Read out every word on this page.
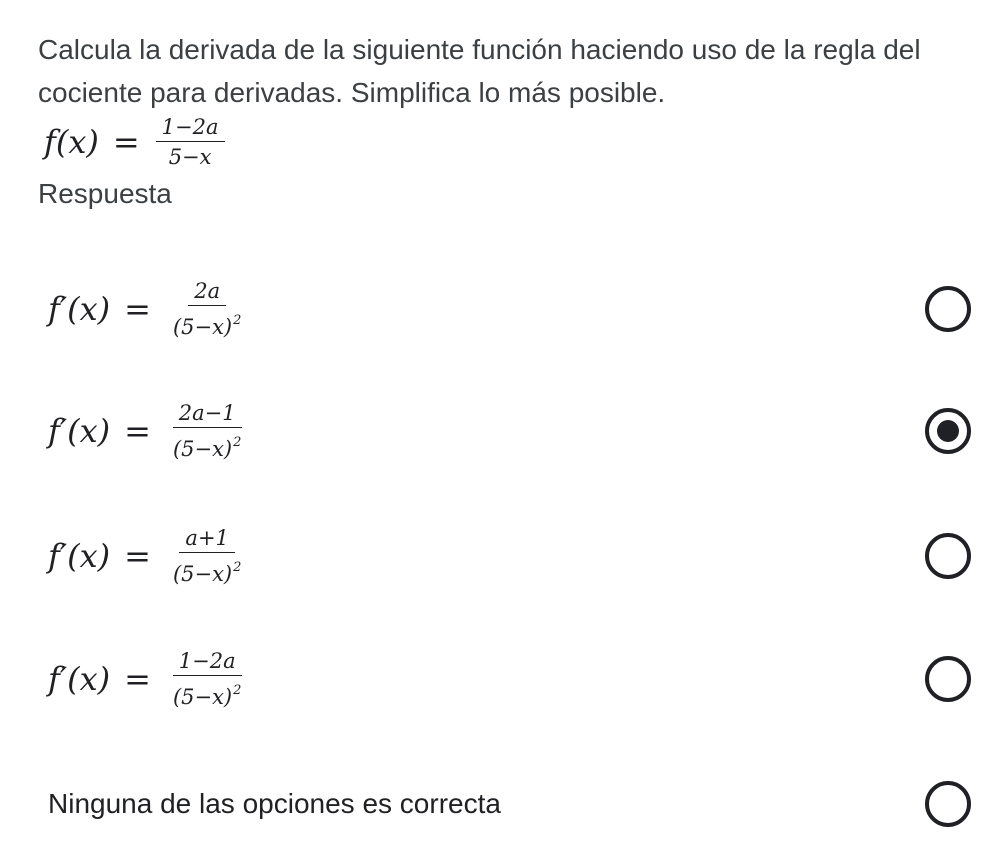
Calcula la derivada de la siguiente función haciendo uso de la regla del cociente para derivadas. Simplifica lo más posible.
$f(x) = \frac{1-2a}{5-x}$
Respuesta
$f'(x) = \frac{2a}{(5-x)^2}$
$f'(x) = \frac{2a-1}{(5-x)^2}$
$f'(x) = \frac{a+1}{(5-x)^2}$
$f'(x) = \frac{1-2a}{(5-x)^2}$
Ninguna de las opciones es correcta
